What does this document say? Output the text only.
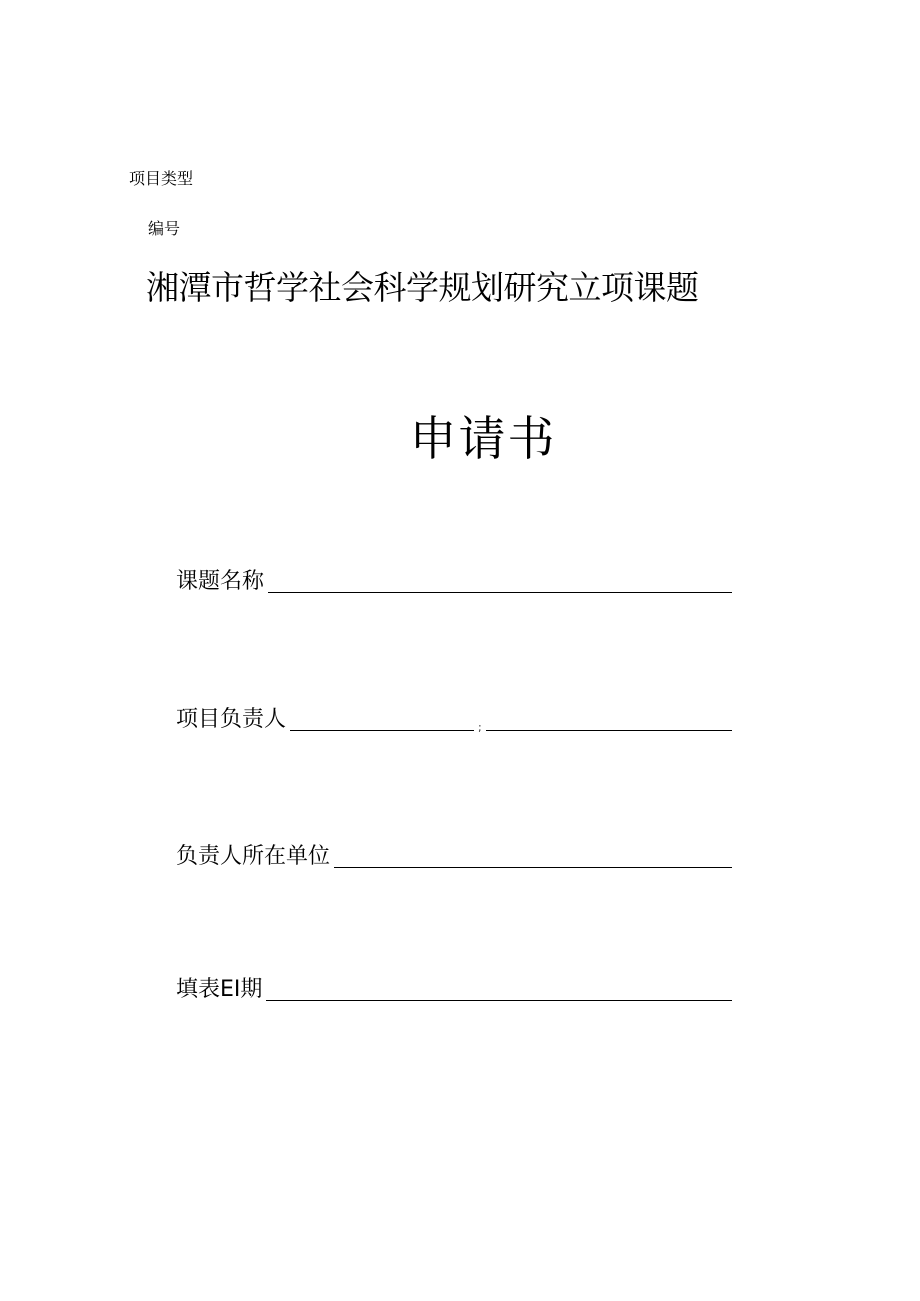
项目类型
编号
湘潭市哲学社会科学规划研究立项课题
申请书
课题名称
项目负责人	;
负责人所在单位
填表EI期
